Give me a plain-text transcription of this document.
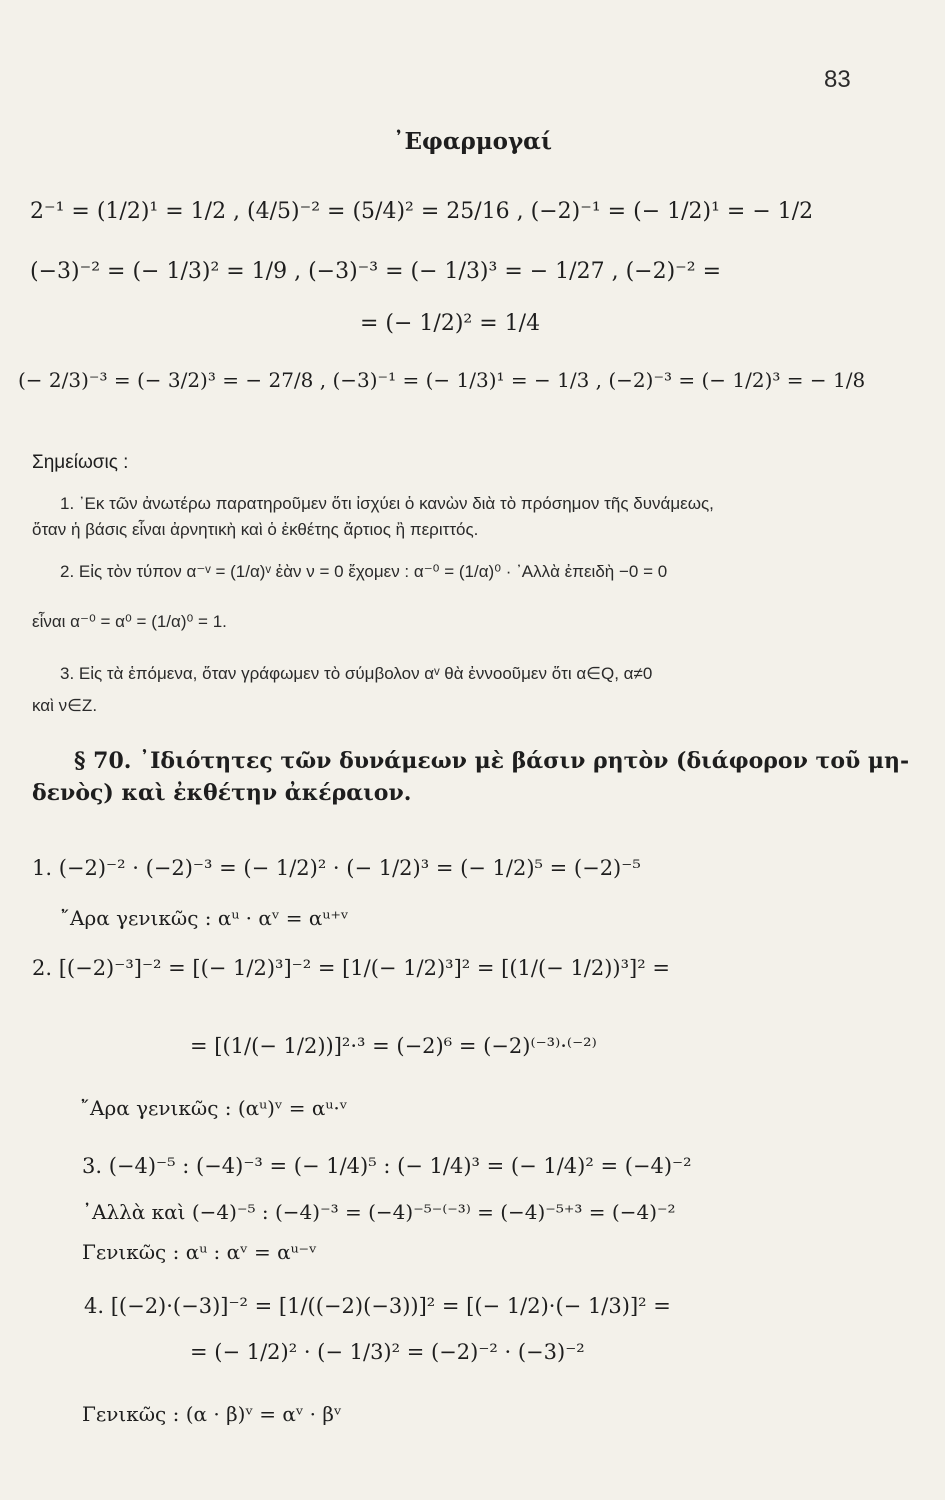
83
᾿Εφαρμογαί
2⁻¹ = (1/2)¹ = 1/2 , (4/5)⁻² = (5/4)² = 25/16 , (−2)⁻¹ = (− 1/2)¹ = − 1/2
(−3)⁻² = (− 1/3)² = 1/9 , (−3)⁻³ = (− 1/3)³ = − 1/27 , (−2)⁻² =
= (− 1/2)² = 1/4
(− 2/3)⁻³ = (− 3/2)³ = − 27/8 , (−3)⁻¹ = (− 1/3)¹ = − 1/3 , (−2)⁻³ = (− 1/2)³ = − 1/8
Σημείωσις :
1. ᾿Εκ τῶν ἀνωτέρω παρατηροῦμεν ὅτι ἰσχύει ὁ κανὼν διὰ τὸ πρόσημον τῆς δυνάμεως,
ὅταν ἡ βάσις εἶναι ἀρνητικὴ καὶ ὁ ἐκθέτης ἄρτιος ἢ περιττός.
2. Εἰς τὸν τύπον α⁻ᵛ = (1/α)ᵛ ἐὰν ν = 0 ἔχομεν : α⁻⁰ = (1/α)⁰ · ᾿Αλλὰ ἐπειδὴ −0 = 0
εἶναι α⁻⁰ = α⁰ = (1/α)⁰ = 1.
3. Εἰς τὰ ἑπόμενα, ὅταν γράφωμεν τὸ σύμβολον αᵛ θὰ ἐννοοῦμεν ὅτι α∈Q, α≠0
καὶ ν∈Z.
§ 70. ᾿Ιδιότητες τῶν δυνάμεων μὲ βάσιν ρητὸν (διάφορον τοῦ μη-
δενὸς) καὶ ἐκθέτην ἀκέραιον.
1. (−2)⁻² · (−2)⁻³ = (− 1/2)² · (− 1/2)³ = (− 1/2)⁵ = (−2)⁻⁵
῎Αρα γενικῶς : αᵘ · αᵛ = αᵘ⁺ᵛ
2. [(−2)⁻³]⁻² = [(− 1/2)³]⁻² = [1/(− 1/2)³]² = [(1/(− 1/2))³]² =
= [(1/(− 1/2))]²·³ = (−2)⁶ = (−2)⁽⁻³⁾·⁽⁻²⁾
῎Αρα γενικῶς : (αᵘ)ᵛ = αᵘ·ᵛ
3. (−4)⁻⁵ : (−4)⁻³ = (− 1/4)⁵ : (− 1/4)³ = (− 1/4)² = (−4)⁻²
᾿Αλλὰ καὶ (−4)⁻⁵ : (−4)⁻³ = (−4)⁻⁵⁻⁽⁻³⁾ = (−4)⁻⁵⁺³ = (−4)⁻²
Γενικῶς : αᵘ : αᵛ = αᵘ⁻ᵛ
4. [(−2)·(−3)]⁻² = [1/((−2)(−3))]² = [(− 1/2)·(− 1/3)]² =
= (− 1/2)² · (− 1/3)² = (−2)⁻² · (−3)⁻²
Γενικῶς : (α · β)ᵛ = αᵛ · βᵛ
